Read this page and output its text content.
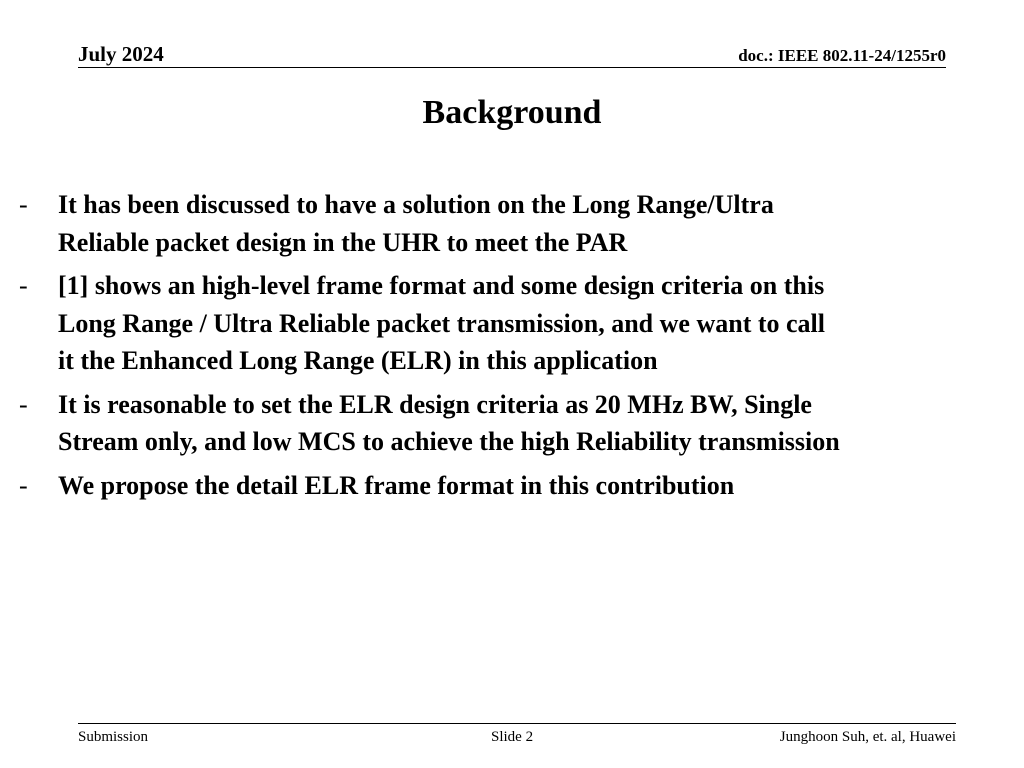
July 2024	doc.: IEEE 802.11-24/1255r0
Background
- It has been discussed to have a solution on the Long Range/Ultra
Reliable packet design in the UHR to meet the PAR
- [1] shows an high-level frame format and some design criteria on this
Long Range / Ultra Reliable packet transmission, and we want to call
it the Enhanced Long Range (ELR) in this application
- It is reasonable to set the ELR design criteria as 20 MHz BW, Single
Stream only, and low MCS to achieve the high Reliability transmission
- We propose the detail ELR frame format in this contribution
Submission	Slide 2	Junghoon Suh, et. al, Huawei
